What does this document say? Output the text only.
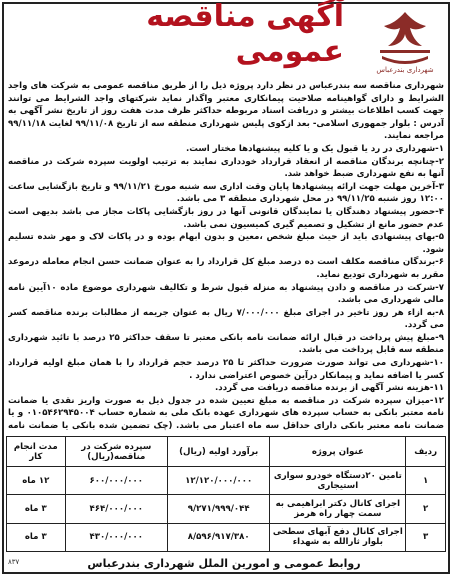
آگهی مناقصه عمومی
شهرداری بندرعباس

شهرداری مناقصه سه بندرعباس در نظر دارد پروژه ذیل را از طریق مناقصه عمومی به شرکت های واجد الشرایط و دارای گواهینامه صلاحیت پیمانکاری معتبر واگذار نماید شرکتهای واجد الشرایط می توانند جهت کسب اطلاعات بیشتر و دریافت اسناد مربوطه حداکثر ظرف مدت هفت روز از تاریخ نشر آگهی به آدرس : بلوار جمهوری اسلامی- بعد ازکوی پلیس شهرداری منطقه سه از تاریخ ۹۹/۱۱/۰۸ لغایت ۹۹/۱۱/۱۸ مراجعه نمایند.

۱-شهرداری در رد یا قبول یک و یا کلیه پیشنهادها مختار است.

۲-چنانچه برندگان مناقصه از انعقاد قرارداد خودداری نمایند به ترتیب اولویت سپرده شرکت در مناقصه آنها به نفع شهرداری ضبط خواهد شد.

۳-آخرین مهلت جهت ارائه پیشنهادها پایان وقت اداری سه شنبه مورخ ۹۹/۱۱/۲۱ و تاریخ بازگشایی ساعت ۱۲:۰۰ روز شنبه ۹۹/۱۱/۲۵ در محل شهرداری منطقه ۳ می باشد.

۴-حضور پیشنهاد دهندگان یا نمایندگان قانونی آنها در روز بازگشایی پاکات مجاز می باشد بدیهی است عدم حضور مانع از تشکیل و تصمیم گیری کمیسیون نمی باشد.

۵-بهای پیشنهادی باید از حیث مبلغ شخص ،معین و بدون ابهام بوده و در پاکات لاک و مهر شده تسلیم شود.

۶-برندگان مناقصه مکلف است ده درصد مبلغ کل قرارداد را به عنوان ضمانت حسن انجام معامله درموعد مقرر به شهرداری تودیع نماید.

۷-شرکت در مناقصه و دادن پیشنهاد به منزله قبول شرط و تکالیف شهرداری موضوع ماده ۱۰آیین نامه مالی شهرداری می باشد.

۸-به ازاء هر روز تاخیر در اجرای مبلغ ۷/۰۰۰/۰۰۰ ریال به عنوان جریمه از مطالبات برنده مناقصه کسر می گردد.

۹-مبلغ پیش پرداخت در قبال ارائه ضمانت نامه بانکی معتبر تا سقف حداکثر ۲۵ درصد با تائید شهرداری منطقه سه قابل پرداخت می باشد.

۱۰-شهرداری می تواند صورت ضرورت حداکثر تا ۲۵ درصد حجم قرارداد را با همان مبلغ اولیه قرارداد کسر یا اضافه نماید و پیمانکار درآین خصوص اعتراضی ندارد .

۱۱-هزینه نشر آگهی از برنده مناقصه دریافت می گردد.

۱۲-میزان سپرده شرکت در مناقصه به مبلغ تعیین شده در جدول ذیل به صورت واریز نقدی یا ضمانت نامه معتبر بانکی به حساب سپرده های شهرداری عهده بانک ملی به شماره حساب ۰۱۰۵۴۶۲۹۴۵۰۰۴ و یا ضمانت نامه معتبر بانکی دارای حداقل سه ماه اعتبار می باشد. (چک تضمین شده بانکی یا ضمانت نامه

ردیف	عنوان پروژه	برآورد اولیه (ریال)	سپرده شرکت در مناقصه(ریال)	مدت انجام کار
۱	تامین ۲۰دستگاه خودرو سواری استیجاری	۱۲/۱۲۰/۰۰۰/۰۰۰	۶۰۰/۰۰۰/۰۰۰	۱۲ ماه
۲	اجرای کانال دکتر ابراهیمی به سمت چهار راه هرمز	۹/۲۷۱/۹۹۹/۰۴۴	۴۶۴/۰۰۰/۰۰۰	۳ ماه
۳	اجرای کانال دفع آبهای سطحی بلوار ثارالله به شهداء	۸/۵۹۶/۹۱۷/۳۸۰	۴۳۰/۰۰۰/۰۰۰	۳ ماه
۸۳۷	روابط عمومی و امورین الملل شهرداری بندرعباس
